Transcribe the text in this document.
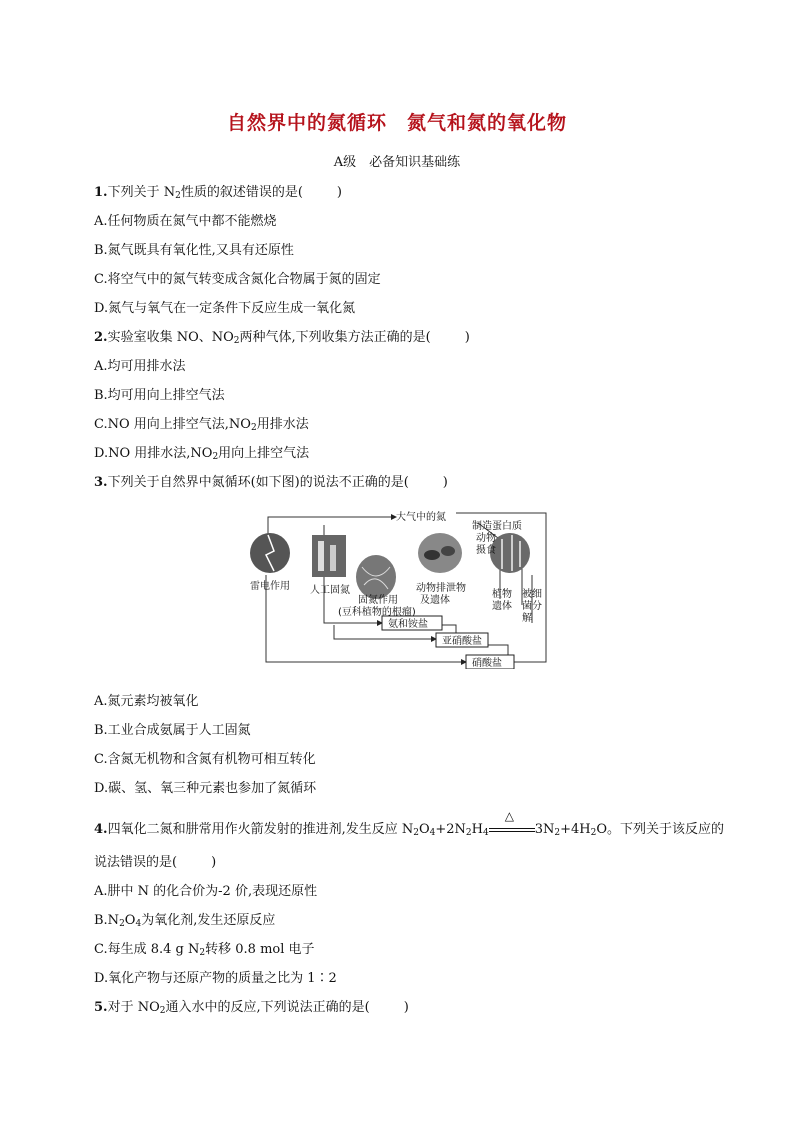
自然界中的氮循环　氮气和氮的氧化物
A级　必备知识基础练
1.下列关于 $N_2$性质的叙述错误的是(	)
A.任何物质在氮气中都不能燃烧
B.氮气既具有氧化性,又具有还原性
C.将空气中的氮气转变成含氮化合物属于氮的固定
D.氮气与氧气在一定条件下反应生成一氧化氮
2.实验室收集 NO、$NO_2$两种气体,下列收集方法正确的是(	)
A.均可用排水法
B.均可用向上排空气法
C.NO 用向上排空气法$,NO_2$用排水法
D.NO 用排水法$,NO_2$用向上排空气法
3.下列关于自然界中氮循环(如下图)的说法不正确的是(	)
大气中的氮
雷电作用 人工固氮
固氮作用
(豆科植物的根瘤)
动物排泄物
及遗体
制造蛋白质
动物
摄食
植物
遗体
被细
菌分
解
氨和铵盐
亚硝酸盐
硝酸盐
A.氮元素均被氧化
B.工业合成氨属于人工固氮
C.含氮无机物和含氮有机物可相互转化
D.碳、氢、氧三种元素也参加了氮循环
4.四氧化二氮和肼常用作火箭发射的推进剂,发生反应 $N_2O_4+2N_2H_4$
△
$3N_2+4H_2O$。下列关于该反应的
说法错误的是(	)
A.肼中 N 的化合价为-2 价,表现还原性
$B.N_2O_4$为氧化剂,发生还原反应
C.每生成 8.4 g $N_2$转移 0.8 mol 电子
D.氧化产物与还原产物的质量之比为 1∶2
5.对于 $NO_2$通入水中的反应,下列说法正确的是(	)
